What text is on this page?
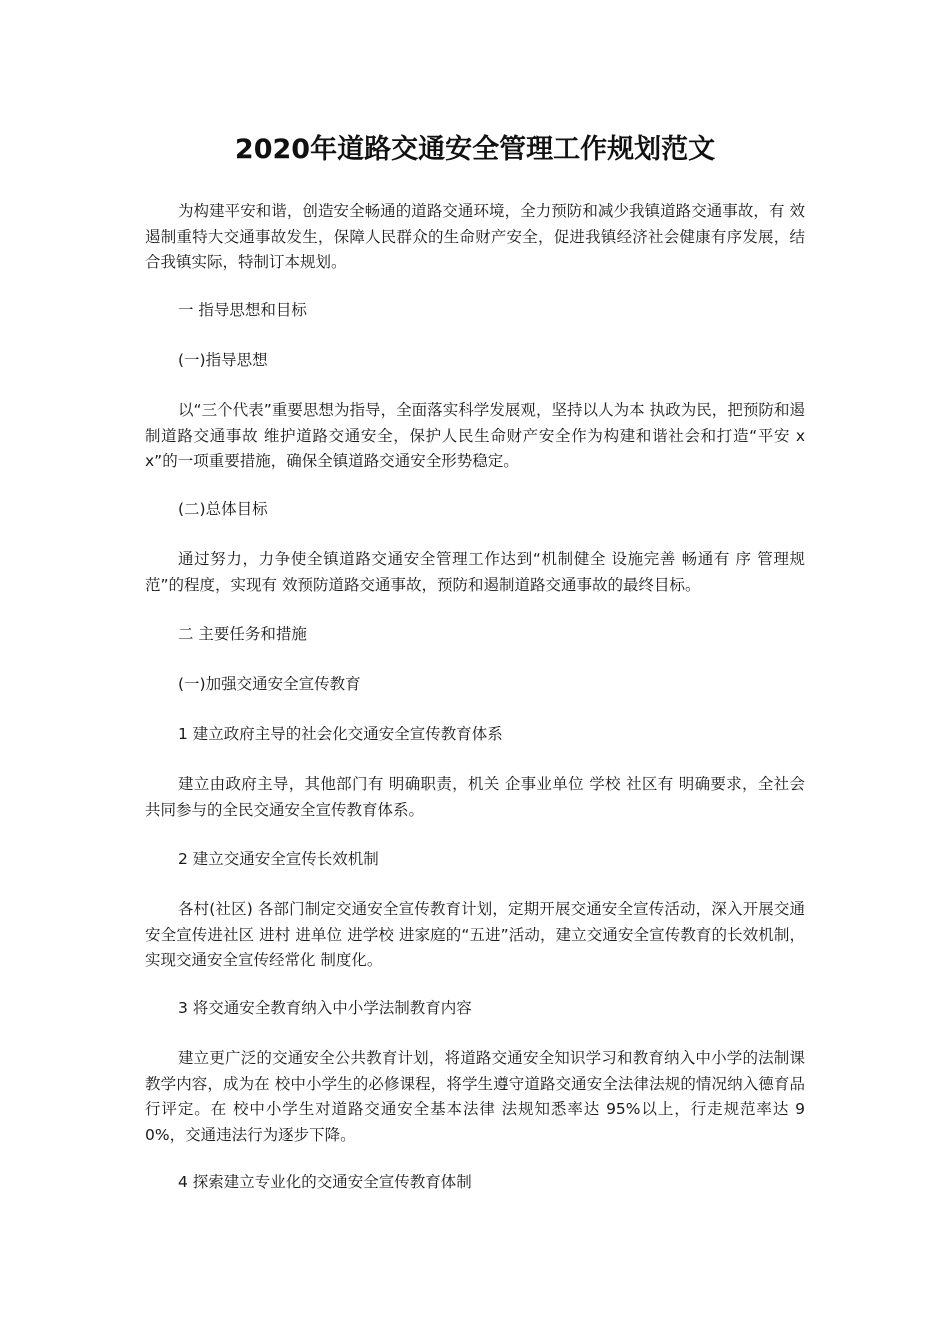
2020年道路交通安全管理工作规划范文
为构建平安和谐，创造安全畅通的道路交通环境，全力预防和减少我镇道路交通事故，有 效遏制重特大交通事故发生，保障人民群众的生命财产安全，促进我镇经济社会健康有序发展，结合我镇实际，特制订本规划。
一 指导思想和目标
(一)指导思想
以“三个代表”重要思想为指导，全面落实科学发展观，坚持以人为本 执政为民，把预防和遏制道路交通事故 维护道路交通安全，保护人民生命财产安全作为构建和谐社会和打造“平安 xx”的一项重要措施，确保全镇道路交通安全形势稳定。
(二)总体目标
通过努力，力争使全镇道路交通安全管理工作达到“机制健全 设施完善 畅通有 序 管理规范”的程度，实现有 效预防道路交通事故，预防和遏制道路交通事故的最终目标。
二 主要任务和措施
(一)加强交通安全宣传教育
1 建立政府主导的社会化交通安全宣传教育体系
建立由政府主导，其他部门有 明确职责，机关 企事业单位 学校 社区有 明确要求，全社会共同参与的全民交通安全宣传教育体系。
2 建立交通安全宣传长效机制
各村(社区) 各部门制定交通安全宣传教育计划，定期开展交通安全宣传活动，深入开展交通安全宣传进社区 进村 进单位 进学校 进家庭的“五进”活动，建立交通安全宣传教育的长效机制，实现交通安全宣传经常化 制度化。
3 将交通安全教育纳入中小学法制教育内容
建立更广泛的交通安全公共教育计划，将道路交通安全知识学习和教育纳入中小学的法制课教学内容，成为在 校中小学生的必修课程，将学生遵守道路交通安全法律法规的情况纳入德育品行评定。在 校中小学生对道路交通安全基本法律 法规知悉率达 95%以上，行走规范率达 90%，交通违法行为逐步下降。
4 探索建立专业化的交通安全宣传教育体制
